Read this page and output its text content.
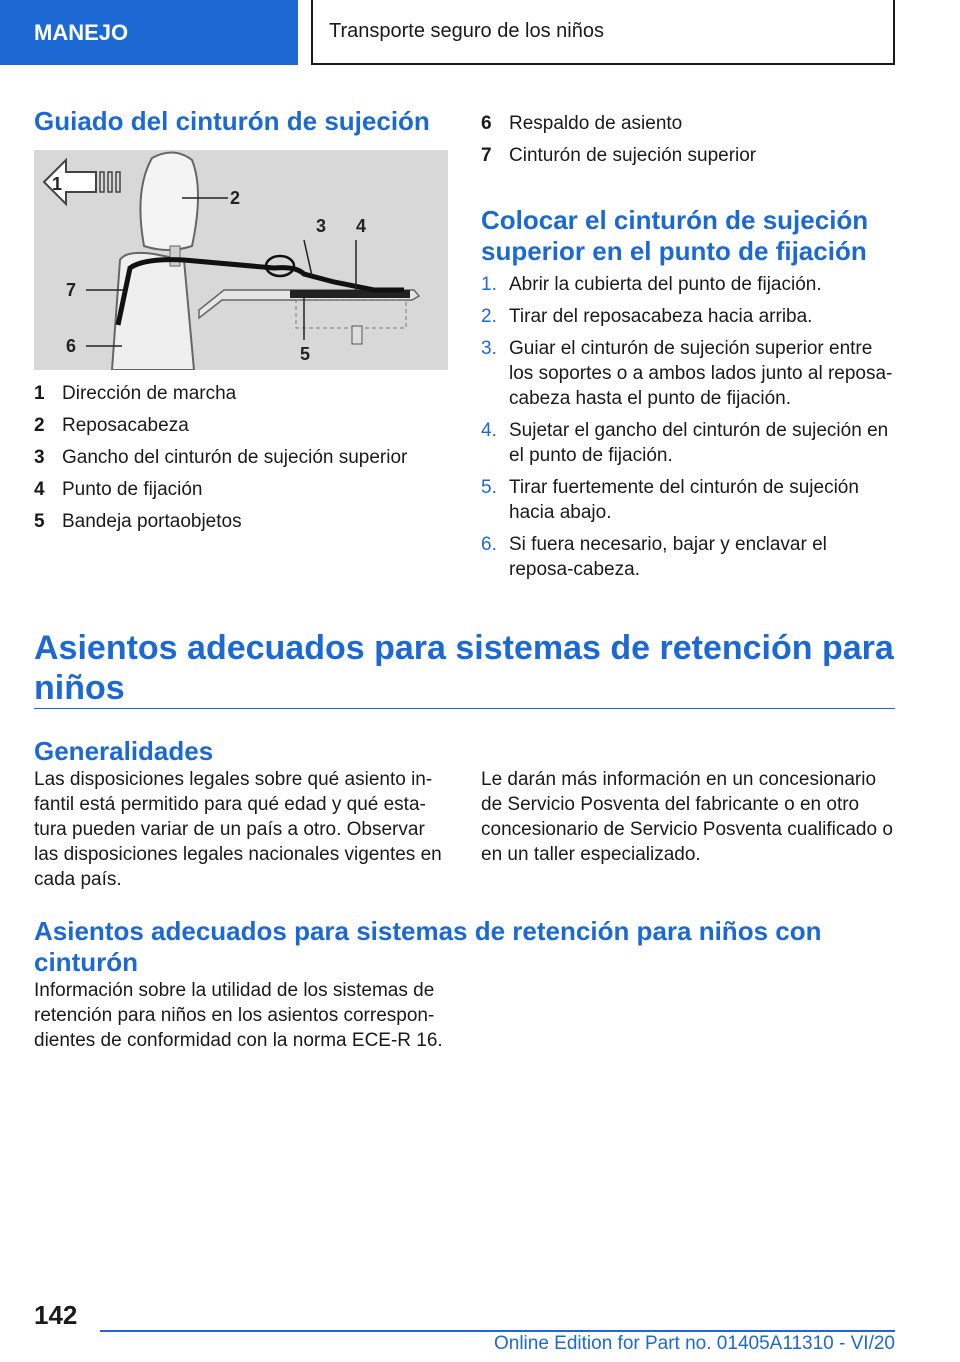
MANEJO	Transporte seguro de los niños
Guiado del cinturón de sujeción
1
2
3 4
5
6
7
1 Dirección de marcha
2 Reposacabeza
3 Gancho del cinturón de sujeción superior
4 Punto de fijación
5 Bandeja portaobjetos
6 Respaldo de asiento
7 Cinturón de sujeción superior
Colocar el cinturón de sujeción superior en el punto de fijación
1. Abrir la cubierta del punto de fijación.
2. Tirar del reposacabeza hacia arriba.
3. Guiar el cinturón de sujeción superior entre los soportes o a ambos lados junto al reposa‐cabeza hasta el punto de fijación.
4. Sujetar el gancho del cinturón de sujeción en el punto de fijación.
5. Tirar fuertemente del cinturón de sujeción hacia abajo.
6. Si fuera necesario, bajar y enclavar el reposa‐cabeza.
Asientos adecuados para sistemas de retención para niños
Generalidades

Las disposiciones legales sobre qué asiento in‐fantil está permitido para qué edad y qué esta‐tura pueden variar de un país a otro. Observar las disposiciones legales nacionales vigentes en cada país.

Le darán más información en un concesionario de Servicio Posventa del fabricante o en otro concesionario de Servicio Posventa cualificado o en un taller especializado.

Asientos adecuados para sistemas de retención para niños con cinturón

Información sobre la utilidad de los sistemas de retención para niños en los asientos correspon‐dientes de conformidad con la norma ECE-R 16.

142
Online Edition for Part no. 01405A11310 - VI/20
